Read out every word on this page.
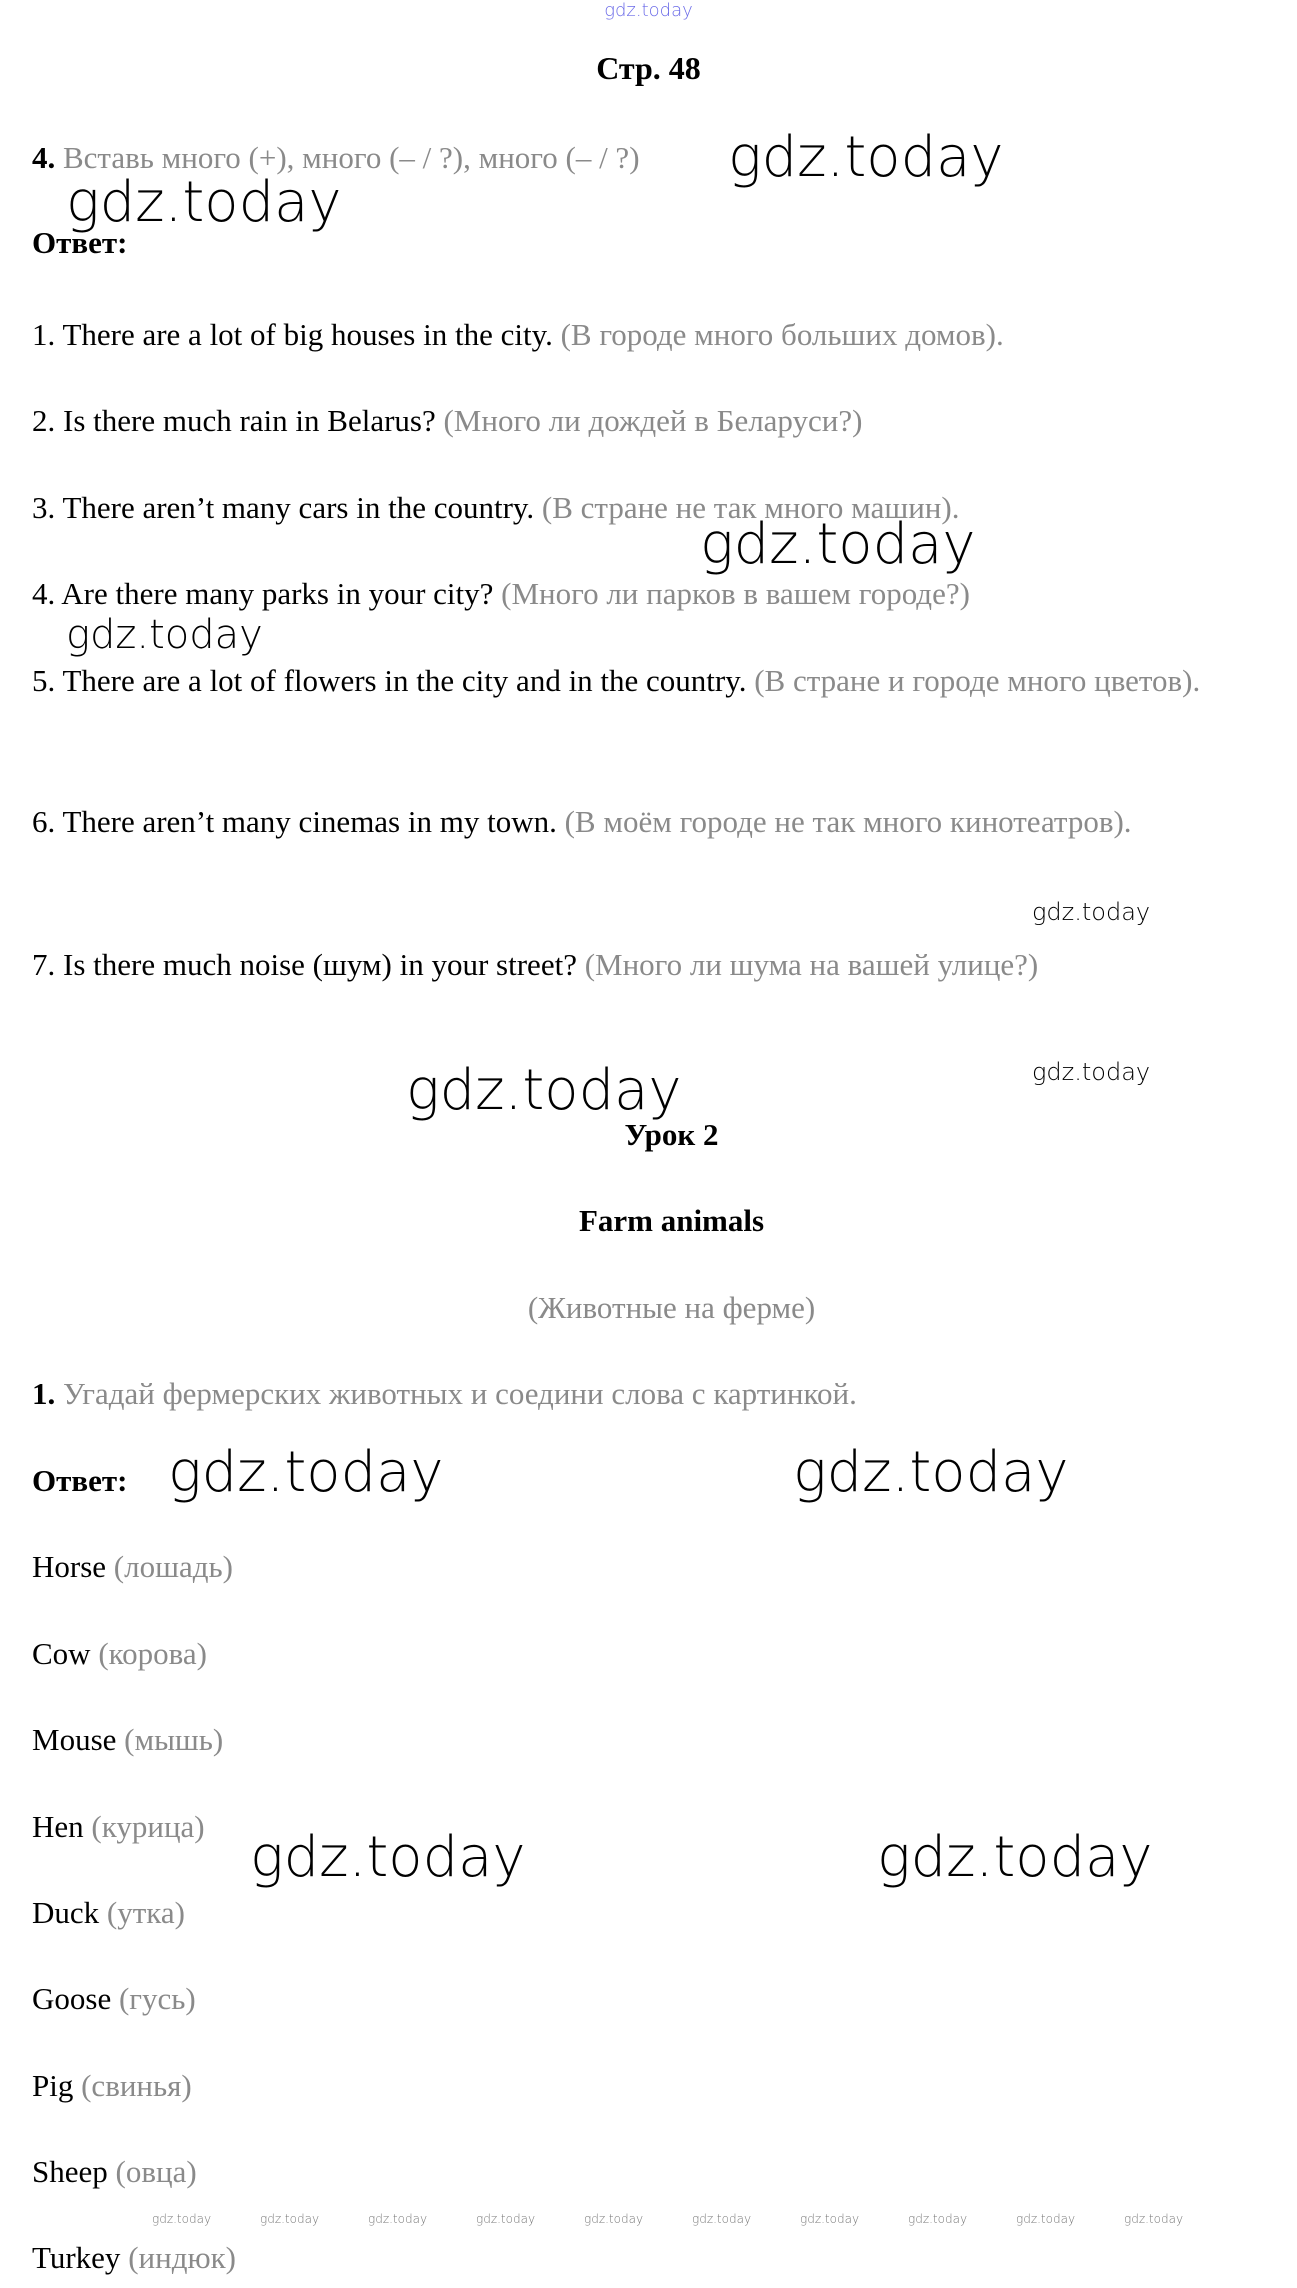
gdz.today
Стр. 48
4. Вставь много (+), много (– / ?), много (– / ?)
Ответ:
1. There are a lot of big houses in the city. (В городе много больших домов).
2. Is there much rain in Belarus? (Много ли дождей в Беларуси?)
3. There aren’t many cars in the country. (В стране не так много машин).
4. Are there many parks in your city? (Много ли парков в вашем городе?)
5. There are a lot of flowers in the city and in the country. (В стране и городе много цветов).
6. There aren’t many cinemas in my town. (В моём городе не так много кинотеатров).
7. Is there much noise (шум) in your street? (Много ли шума на вашей улице?)
Урок 2
Farm animals
(Животные на ферме)
1. Угадай фермерских животных и соедини слова с картинкой.
Ответ:
Horse (лошадь)
Cow (корова)
Mouse (мышь)
Hen (курица)
Duck (утка)
Goose (гусь)
Pig (свинья)
Sheep (овца)
Turkey (индюк)
gdz.today
gdz.today
gdz.today
gdz.today
gdz.today
gdz.today
gdz.today
gdz.today	gdz.today
gdz.today	gdz.today
gdz.today	gdz.today	gdz.today	gdz.today	gdz.today	gdz.today	gdz.today	gdz.today	gdz.today	gdz.today
